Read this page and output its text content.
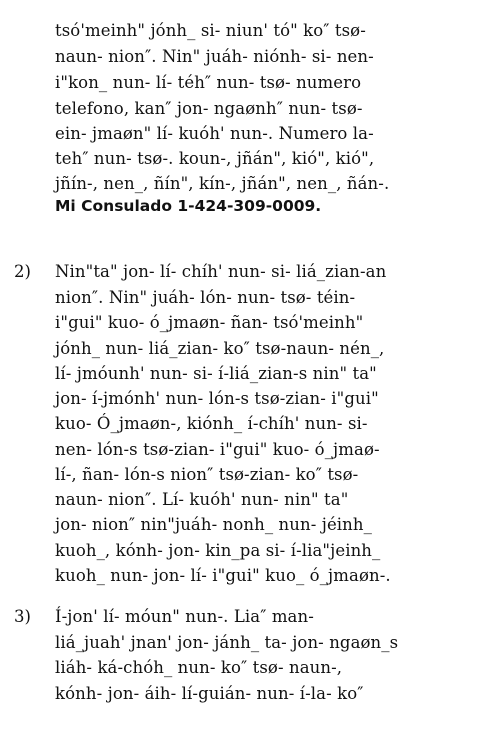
tsó'meinh" jónh_ si- niun' tó" ko″ tsø-
naun- nion″. Nin" juáh- niónh- si- nen-
i"kon_ nun- lí- téh″ nun- tsø- numero
telefono, kan″ jon- ngaønh″ nun- tsø-
ein- jmaøn" lí- kuóh' nun-. Numero la-
teh″ nun- tsø-. koun-, jñán", kió", kió",
jñín-, nen_, ñín", kín-, jñán", nen_, ñán-.
Mi Consulado 1-424-309-0009.
2) Nin"ta" jon- lí- chíh' nun- si- liá_zian-an
nion″. Nin" juáh- lón- nun- tsø- téin-
i"gui" kuo- ó_jmaøn- ñan- tsó'meinh"
jónh_ nun- liá_zian- ko″ tsø-naun- nén_,
lí- jmóunh' nun- si- í-liá_zian-s nin" ta"
jon- í-jmónh' nun- lón-s tsø-zian- i"gui"
kuo- Ó_jmaøn-, kiónh_ í-chíh' nun- si-
nen- lón-s tsø-zian- i"gui" kuo- ó_jmaø-
lí-, ñan- lón-s nion″ tsø-zian- ko″ tsø-
naun- nion″. Lí- kuóh' nun- nin" ta"
jon- nion″ nin"juáh- nonh_ nun- jéinh_
kuoh_, kónh- jon- kin_pa si- í-lia"jeinh_
kuoh_ nun- jon- lí- i"gui" kuo_ ó_jmaøn-.
3) Í-jon' lí- móun" nun-. Lia″ man-
liá_juah' jnan' jon- jánh_ ta- jon- ngaøn_s
liáh- ká-chóh_ nun- ko″ tsø- naun-,
kónh- jon- áih- lí-guián- nun- í-la- ko″
